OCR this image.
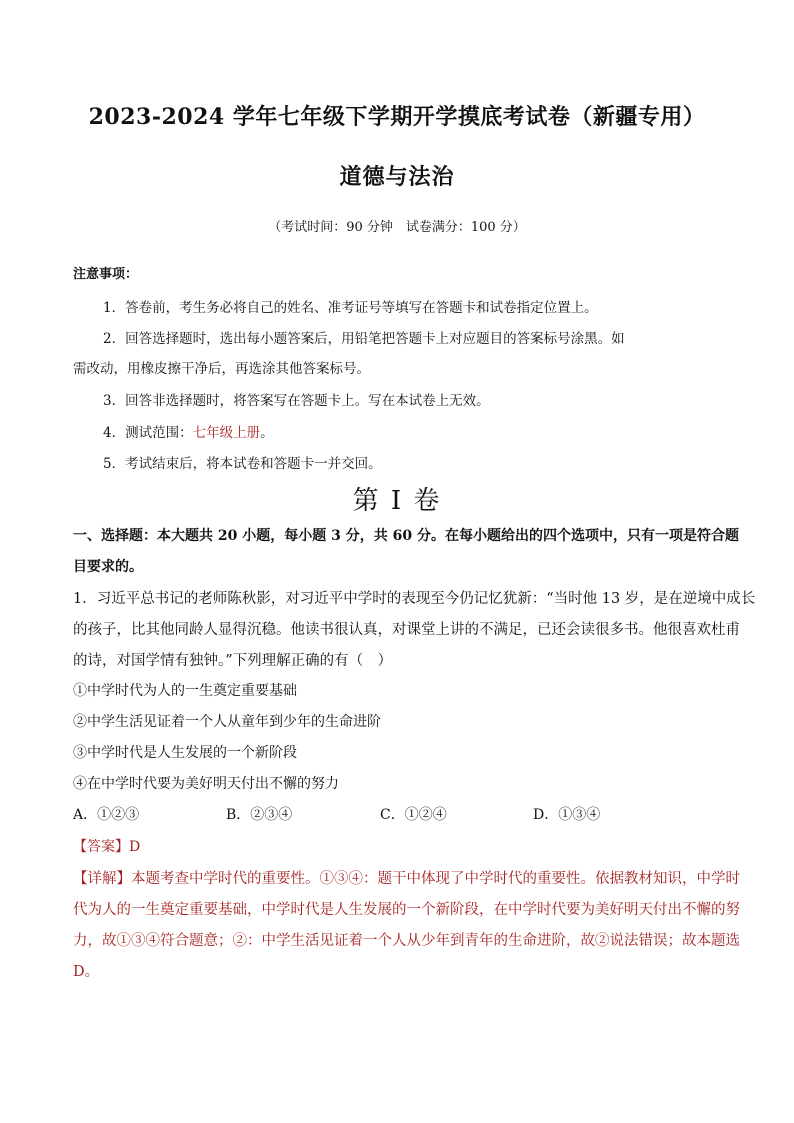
2023-2024 学年七年级下学期开学摸底考试卷（新疆专用）
道德与法治
（考试时间：90 分钟　试卷满分：100 分）
注意事项：
1．答卷前，考生务必将自己的姓名、准考证号等填写在答题卡和试卷指定位置上。
2．回答选择题时，选出每小题答案后，用铅笔把答题卡上对应题目的答案标号涂黑。如
需改动，用橡皮擦干净后，再选涂其他答案标号。
3．回答非选择题时，将答案写在答题卡上。写在本试卷上无效。
4．测试范围：七年级上册。
5．考试结束后，将本试卷和答题卡一并交回。
第 I 卷
一、选择题：本大题共 20 小题，每小题 3 分，共 60 分。在每小题给出的四个选项中，只有一项是符合题
目要求的。
1．习近平总书记的老师陈秋影，对习近平中学时的表现至今仍记忆犹新：“当时他 13 岁，是在逆境中成长
的孩子，比其他同龄人显得沉稳。他读书很认真，对课堂上讲的不满足，已还会读很多书。他很喜欢杜甫
的诗，对国学情有独钟。”下列理解正确的有（　）
①中学时代为人的一生奠定重要基础
②中学生活见证着一个人从童年到少年的生命进阶
③中学时代是人生发展的一个新阶段
④在中学时代要为美好明天付出不懈的努力
A．①②③	B．②③④	C．①②④	D．①③④
【答案】D
【详解】本题考查中学时代的重要性。①③④：题干中体现了中学时代的重要性。依据教材知识，中学时
代为人的一生奠定重要基础，中学时代是人生发展的一个新阶段，在中学时代要为美好明天付出不懈的努
力，故①③④符合题意；②：中学生活见证着一个人从少年到青年的生命进阶，故②说法错误；故本题选
D。
